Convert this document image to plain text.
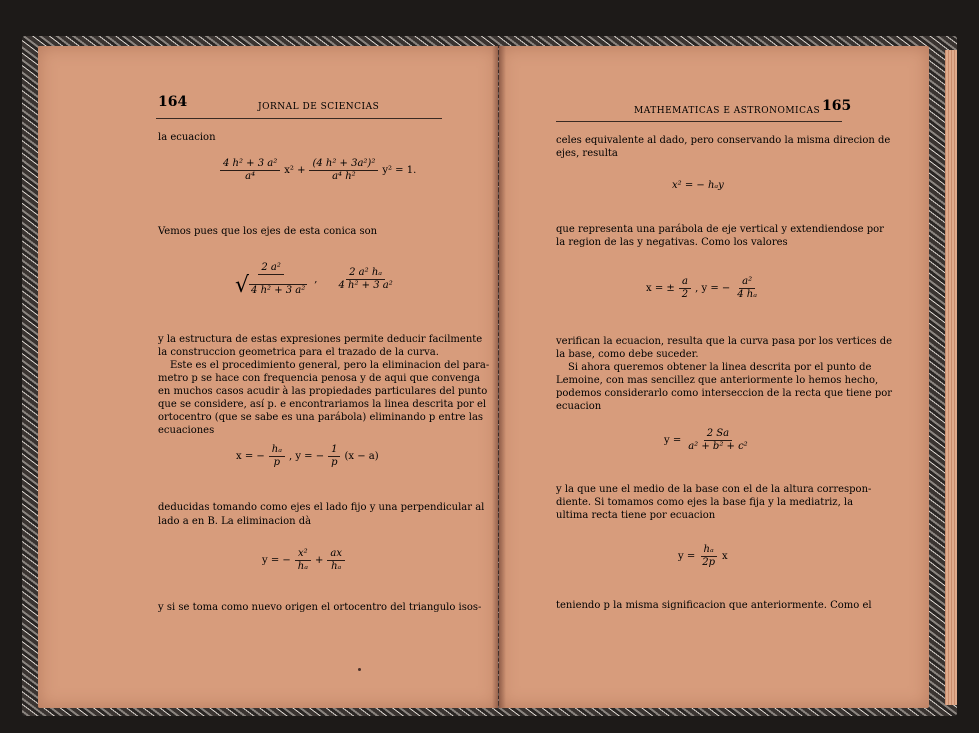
164	JORNAL DE SCIENCIAS
la ecuacion
$\frac{\text{4 h² + 3 a²}}{\text{a⁴}} x^2 + \frac{\text{(4 h² + 3a²)²}}{\text{a⁴ h²}} y^2 = 1$.
Vemos pues que los ejes de esta conica son
$\frac{\text{2 a²}}{\text{√ 4 h² + 3 a²}}$ , $\frac{\text{2 a² hₐ}}{\text{4 h² + 3 a²}}$
y la estructura de estas expresiones permite deducir facilmente
la construccion geometrica para el trazado de la curva.
Este es el procedimiento general, pero la eliminacion del para-
metro p se hace con frequencia penosa y de aqui que convenga
en muchos casos acudir à las propiedades particulares del punto
que se considere, así p. e encontrariamos la linea descrita por el
ortocentro (que se sabe es una parábola) eliminando p entre las
ecuaciones
x = − $\frac{\text{hₐ}}{p}$ , y = − $\frac{1}{p} (x - a)$
deducidas tomando como ejes el lado fijo y una perpendicular al
lado a en B. La eliminacion dà
y = − $\frac{\text{x²}}{\text{hₐ}} + \frac{ax}{\text{hₐ}}$
y si se toma como nuevo origen el ortocentro del triangulo isos-
MATHEMATICAS E ASTRONOMICAS 165
celes equivalente al dado, pero conservando la misma direcion de
ejes, resulta
x² = − hₐy
que representa una parábola de eje vertical y extendiendose por
la region de las y negativas. Como los valores
x = ± $\frac{a}{2}$ , y = − $\frac{\text{a²}}{\text{4 hₐ}}$
verifican la ecuacion, resulta que la curva pasa por los vertices de
la base, como debe suceder.
Si ahora queremos obtener la linea descrita por el punto de
Lemoine, con mas sencillez que anteriormente lo hemos hecho,
podemos considerarlo como interseccion de la recta que tiene por
ecuacion
$y = \frac{2 Sa}{\text{a² + b² + c²}}$
y la que une el medio de la base con el de la altura correspon-
diente. Si tomamos como ejes la base fija y la mediatriz, la
ultima recta tiene por ecuacion
$y = \frac{\text{hₐ}}{2p}$ x
teniendo p la misma significacion que anteriormente. Como el
